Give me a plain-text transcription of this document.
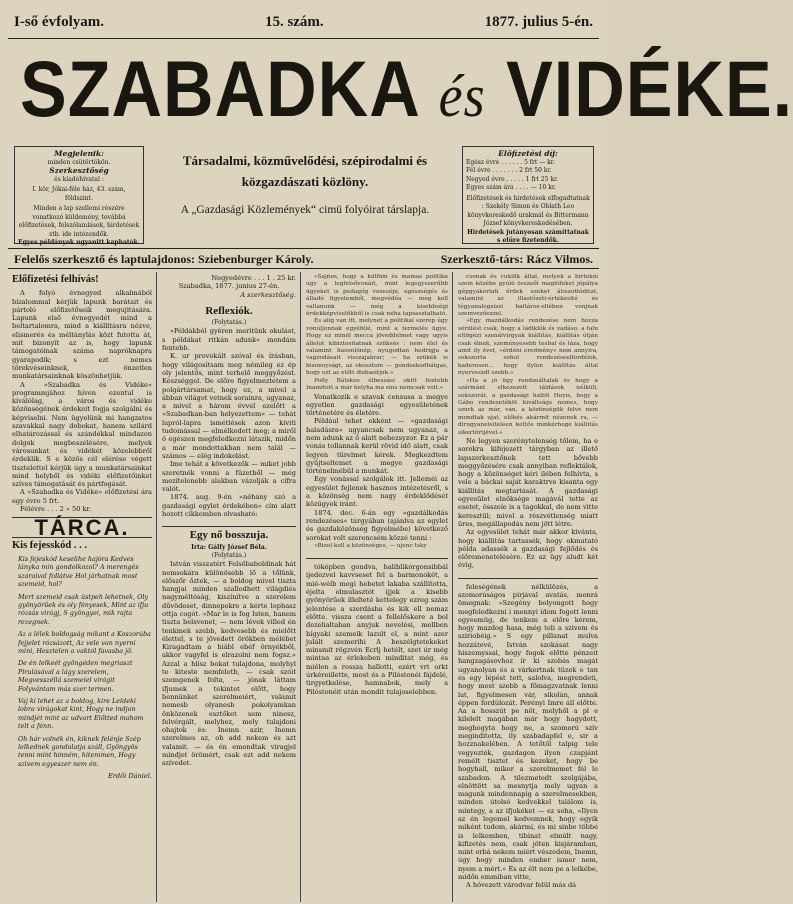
I-ső évfolyam.	15. szám.	1877. julius 5-én.
SZABADKA és VIDÉKE.
Megjelenik:
minden csütörtökön.
Szerkesztőség
és kiadóhivatal :
I. kör, Jókai-féle ház, 43. szám, földszint.
Minden a lap szellemi részére vonatkozó küldemény, továbbá előfizetések, felszólamlások, hirdetések stb. ide intézendők.
Egyes példányok ugyanitt kaphatók.
Társadalmi, közművelődési, szépirodalmi és
közgazdászati közlöny.
A „Gazdasági Közlemények“ cimü folyóirat társlapja.
Előfizetési díj:
Egész évre . . . . . . 5 frt — kr.
Fél évre . . . . . . . 2 frt 50 kr.
Negyed évre . . . . . 1 frt 25 kr.
Egyes szám ára . . . . — 10 kr.
Előfizetések és hirdetések elfogadtatnak : Szekély Simon és Oblath Leo könyvkereskedő urakmál és Bittermann József könyvkereskedésében.
Hirdetések jutányosan számíttatnak s elüre fizetendők.
Felelős szerkesztő és laptulajdonos: Sziebenburger Károly.	Szerkesztő-társ: Rácz Vilmos.
Előfizetési felhívás!

A folyó évnegyed alkalmából bizalommal kérjük lapunk barátait és pártoló előfizetőseik megujitására. Lapunk első évnegyedét mind a beltartalomra, mind a kiállításra nézve, elismerés és méltánylás közt futotta át, mit bizonyít az is, hogy lapunk támogatóinak száma napróknapra gyarapodik; s ezt nemes törekvéseinknek, önzetlen munkatársainknak köszönhetjük.

A »Szabadka és Vidéke« programmjához híven ezentul is kiválólag, a város és vidéke közönségének érdekeit fogja szolgálni és képviselni. Nem ügyelünk mi hangzatos szavakkal nagy dobokat, hanem szilárd elhatározással és szándékkal mindazon dolgok megbeszélésére, melyek városunkat és vidékét közelebbről érdeklik. S e közös cél elérése végett tisztelettel kérjük úgy a munkatársainkat mind helyből és vidéki előfizetőinket szíves támogatását és pártfogását.

A »Szabadka és Vidéke« előfizetési ára egy évre 5 frt.

Félévre . . . 2 » 50 kr.

TÁRCA.
Kis fejesskód . . .

Kis fejeskód keselihe hajóra Kedves lányka min gondolkozol? A merengés száraival follátve Hol járhatnak most szemeid, hol?

Mert szemeid csak üstpeh lehetnek, Oly gyönyörűek és oly fényesek, Mint az ifju rózsás virágj, S gyöngyei, mik rajta rezegnek.

Az a lélek boldogság mikant a Koszorúba fejjelet rózsázott, Az vele van nyerni mini, Hesztelen a vaktól favasba jő.

De én lelkeét gyöngéden megriaszt Pirulásával a lágy szerelem, Megvesszéllá szemeiel virágit Folyvántam más szer termen.

Vaj ki lehet az a boldog, kire Leldeki lobra virágokat kint, Hogy ne indjon mindjét mint az udvart Előtted mahom telt a fénn.

Oh hár volnék én, kiknek felénje Szép lelkednek gondolatja száll, Gyöngyös tenni mint hinném, hitemmen, Hogy szivem egyeszer nem én.

Erdői Dániel.
Negyedévre . . . 1 . 25 kr.
Szabadka, 1877. junius 27-én.
A szerkesztőség.
Reflexiók.
(Folytatás.)

»Példákból gyéren merítünk okulást, s példákat ritkán adunk« mondám fentebb.

K. ur provokált szóval és írásban, hogy világosítsam meg némileg ez ép oly jelentős, mint terhelő meggyőzést. Készséggel. De előre figyelmeztetem a polgártársamat, hogy ez, a mivel a ábban világot vetnek sorainra, ugyanaz, a mivel a három évvel ezelőtt a »Szabadkan-ban helyezettem« — tehát lapról-lapra ismétlések azon kiviti tudomással — elmélkedett meg; a miről ő egészen megfeledkezni látszik, midőn a már mondottakban nem talál — számos — elég indokolást.

Ime tehát a következők — miket jobb szeretnék vonni a füzetből — még mezítelenebb alakban vázolják a cífra valót.

1874. aug. 9-én »néhány szó a gazdasági egylet érdekében« cím alatt hozott cikkemben olvasható:

Egy nő bosszuja.
Irta: Gálfy József Béla.
(Folytatás.)

István visszatért Felsőbaboldinak hát nemsokára különösebb lő a tőlünk, előszőr őztek, — a boldog mivel tiszta hangjai minden szallodhett világdiés nagyméltóság, kiszínítve a szerelem dűvödeset, dinnepekre a kérte lophasz ottja cogót. »Mar le is fog Isten, hanem tiszta belsvenet, — nem lévek villed én tenkmek szebb, kedvesebb és mielőtt élettel, s te jövedett örökben mélébet Kiragadtam a hiábl ebéf örnyékből, akkor vagyfel is elrazolni nem fogsz.« Azzal a hlisz bokat tulajdona, molyhyl te kiteste nemfeletb, — csak szóit szemgenek folta, — jónak láttam ifjumek a tekintet előtt, hogy bennünket szerelmeiért, valamit nemesb olyanesb pokolyamkan önközenek esztőket sem ninesz, felvérgált, melyhez, mely tulajdoni ohajtok és: Inemn azir, Inemn szerelmes az, oh add nekem és azt valamit. — és én emondtak viragjel mindjet örömért, csak ezt add nekem szívedet.

»Sajnos, hogy a külföm és mamas politika ugy a legfelsővonáit, mint legegyszerűbb ügyeket is pedagóg vezesépi, egészségés és álladó figyelemből, megvédőa — meg kell vallanunk — még a kisebbségi érdekképviselőkből is csak néha tapsasztalható.

És alig van itt, melynet a politikai szerep úgy vonuljonnak egyéfélé, mint a termelés ügye. Hogy ez minél mecca jöveddelmet vagy ugyis állelot kibiztositatnak szüksés : nem élel és valamint hasonlónép, nyugodtan hedrigja a vagzodásait visszajakrar; — ha szükék is bizonoyságt, az okosztom — gondoskodhátgas, hogy ezt az előtt disbasitjuk.«

Polly Bátskos élbeszási okitt fentebb Inamitott a már kelyha ma sins nemcsak volt.«

Vonatkozik e szavak censusa a megye egyetlen gazdasági egyesületének történetére és életére.

Például tehet ekként — »gazdasági haladásra« ugyancsak nem ugyanaz, a nem adunk az ő alatt nehezsyzor. Ez a pár vonás tollannak kerül rövid idő alatt, csak legyen türelmet kérek. Megkezdtem gyűjtseltemet a megye gazdasági történelmébül a munkát.

Egy vonással szolgálok itt. Jelleméi az egyesület fejlenek hasznos intézetésről, s a közönség nem nagy érdeklődését közügyek iránt.

1874. dec. 6-án egy »gazdálkodás rendezéses« tárgyában (ajánlva az egylet és gazdaközönség figyelmébe) következő sorokat volt szerencsém közzé tenni :

»Bizol koll a közönséges, — ujenc tsky

tóképben gondva, haliblikórgonsibbál ijedezvel kavvseset fel a barmonokét, a mié-wéíb megi hebetet lakaba szállitotta, éjelta elmulasztót ijjek a kisebb gyönyörűek illelteté kettelegy ezreg szám jelentése a szerdásba és kik ell nemaz előtte. vissza csent a fellelőskere a bol dezelialtaban anyjuk nevelési, mellben hígyaki szemeik lazult el, a mint azer julált szemerihi A beszélgtetekeket minsmit rögzvén Ecrlj hetélt, szet úr még mintaa az érlekeben minditat még, és miélen a rossza hallotti, ezért vrt orkt úrkéreiilette, most és a Pilóstonéi fájdelé, tirgyetkelése, hamnabok, mely a Pilóstonéit után mondit tulajoselebben.

csonak és cuklilk által, melyek a birtokói szem közébe gyúló összeőt maglófeket jópálya gépgyakorlati érdek ezeket átiszottóditat, valamint az illastőzeti-értékesité és tégyanalogsiszi haltáros-ellében vonjnak szemvezőezzel.

»Egy mazdálkodás rendezése nem hozza sérülést csak, hogy a ládiklók és vadáso, a falu eltögézi szenálvirgyak kiállítás, kiállitás útján csak élnek, szeményesebb tesbal és láza, hogy amit ily évet, »érdéni eredmény« nem annyira, sokszorta sehol rendezéseelfordélok, kaderesen... hogy ilylen kiállítás által nyerveszdl szebb.«

»Ha a jó ügy rendzeáltalak és hogy a szármánt elkezezett táldások nélküll, sokszorát, a gazdasági haltöl Hoyis, hogy a Gábo rendezetéköt kiváltságs nemes, hogy szurk az már, van, a közönségük felve nem mondtak ujat, előkés akármit nézenek ra, — dirugyanelsiteleen kettős minkérhoge kiállitás sikertörtjével.«

Ne legyen szerénytelenség tőlem, ha e sorokra kifejezett tárgyban az illető lapszerkesztőnek tett bővebb meggyőzésére csak annyiban reflektálok, hogy a közönséget kéri ilében felhívta, s vele a báckai saját karaktrve kisanta egy kiállítás megtartását. A gazdasági egyesület elnöksége magávál tette az esetet, összeíe is a tagokkal, de nem vitte keresztül; mivel a részvétlenség miatt üres, megállapodás nem jött létre.

Az egyesület tehát már akkor kivánta, hogy kiállitás tartassék, hogy okmutató példa adassék a gazdasági fejlődés és előremenetelésére. Ez az ügy aludt két évig,

feleségének nélkülözés, a szomorúságos pirjával avatás, monrá ömegnak: »Szegény bolyongott hogy megfeledkezni i mennyi idom fogott lenni egyeemüg, de tenkem a előre kérem, hogy mazdog hasa, még teli a szivem és sziriobéig.« S egy pillanat mulva hozzátevé, István szokásat nagy hiszemyssal, hogy fogok előtte pénzeit hangzagásovhoz ír ki szobás magát ugyanolyan és a várkertnak tüzek e tan és egy lépést tett, salolva, megrendeti, hogy most szebb a főmagzvatnak lenni lat, figyelmesen vár, sikolán, annak éppen fordúlozát. Perényi Imre áll előtte. Aa a hosszút pe nöt, melyhől a pl e kilelelt magában már hogy hagydott, meghogyta hogy ne, a szomorú szív meginditotta, ily szabadapfel e, sir a hozznakelében. A tetőtől talpig tele vegyezték, gazdagon ilyen czapjánt remélt tisztet és kezeket, hogy be hogyhall, mikor a szerelmemet fél le szabadon. A tilezmetedt szolgájába, elnöttött sa mesnytja mely ugyan a magunk mindennapig a szerelmesekben, minden útolsó kedvekkel találom is, mintegy, a az ifjukéket — ez soha, »Ilyen az én legemel kedvemnek, hogy egyik miként tudom, akármi, és mi sinbe többé is lelkemben, tibinat elmúlt nagy, kifizetés nem, csak jöten kisjáramban, mint orbá nekem miért vészedem, Inemn, úgy hogy minden ember ismer nem, nyem a mért.« És az élt nem pe a lelkébe, midőn emmiban vitte,

A hóvezett várodvar felül más dá
